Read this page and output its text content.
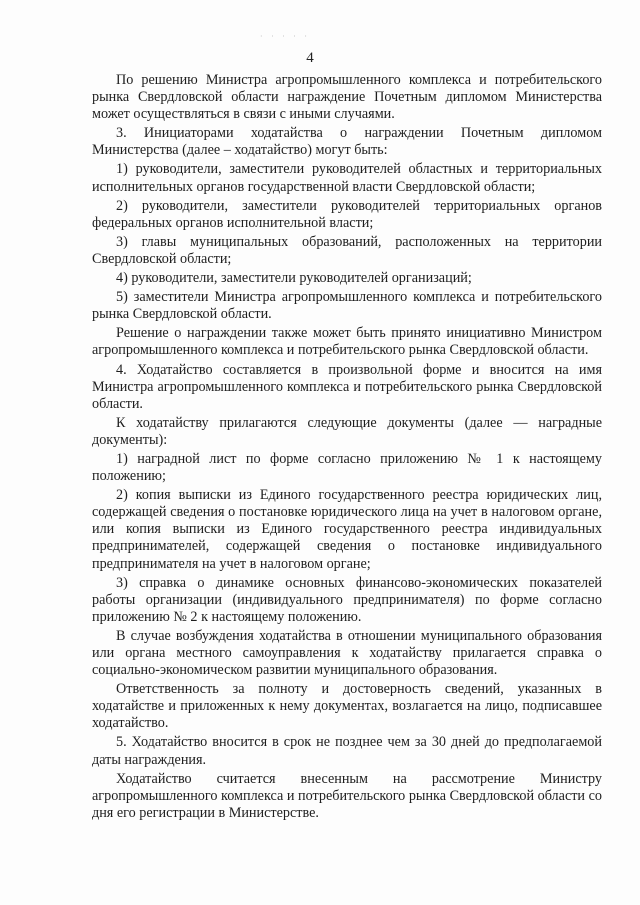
· · · · ·
4

По решению Министра агропромышленного комплекса и потребительского рынка Свердловской области награждение Почетным дипломом Министерства может осуществляться в связи с иными случаями.

3. Инициаторами ходатайства о награждении Почетным дипломом Министерства (далее – ходатайство) могут быть:

1) руководители, заместители руководителей областных и территориальных исполнительных органов государственной власти Свердловской области;

2) руководители, заместители руководителей территориальных органов федеральных органов исполнительной власти;

3) главы муниципальных образований, расположенных на территории Свердловской области;

4) руководители, заместители руководителей организаций;

5) заместители Министра агропромышленного комплекса и потребительского рынка Свердловской области.

Решение о награждении также может быть принято инициативно Министром агропромышленного комплекса и потребительского рынка Свердловской области.

4. Ходатайство составляется в произвольной форме и вносится на имя Министра агропромышленного комплекса и потребительского рынка Свердловской области.

К ходатайству прилагаются следующие документы (далее — наградные документы):

1) наградной лист по форме согласно приложению № 1 к настоящему положению;

2) копия выписки из Единого государственного реестра юридических лиц, содержащей сведения о постановке юридического лица на учет в налоговом органе, или копия выписки из Единого государственного реестра индивидуальных предпринимателей, содержащей сведения о постановке индивидуального предпринимателя на учет в налоговом органе;

3) справка о динамике основных финансово-экономических показателей работы организации (индивидуального предпринимателя) по форме согласно приложению № 2 к настоящему положению.

В случае возбуждения ходатайства в отношении муниципального образования или органа местного самоуправления к ходатайству прилагается справка о социально-экономическом развитии муниципального образования.

Ответственность за полноту и достоверность сведений, указанных в ходатайстве и приложенных к нему документах, возлагается на лицо, подписавшее ходатайство.

5. Ходатайство вносится в срок не позднее чем за 30 дней до предполагаемой даты награждения.

Ходатайство считается внесенным на рассмотрение Министру агропромышленного комплекса и потребительского рынка Свердловской области со дня его регистрации в Министерстве.
